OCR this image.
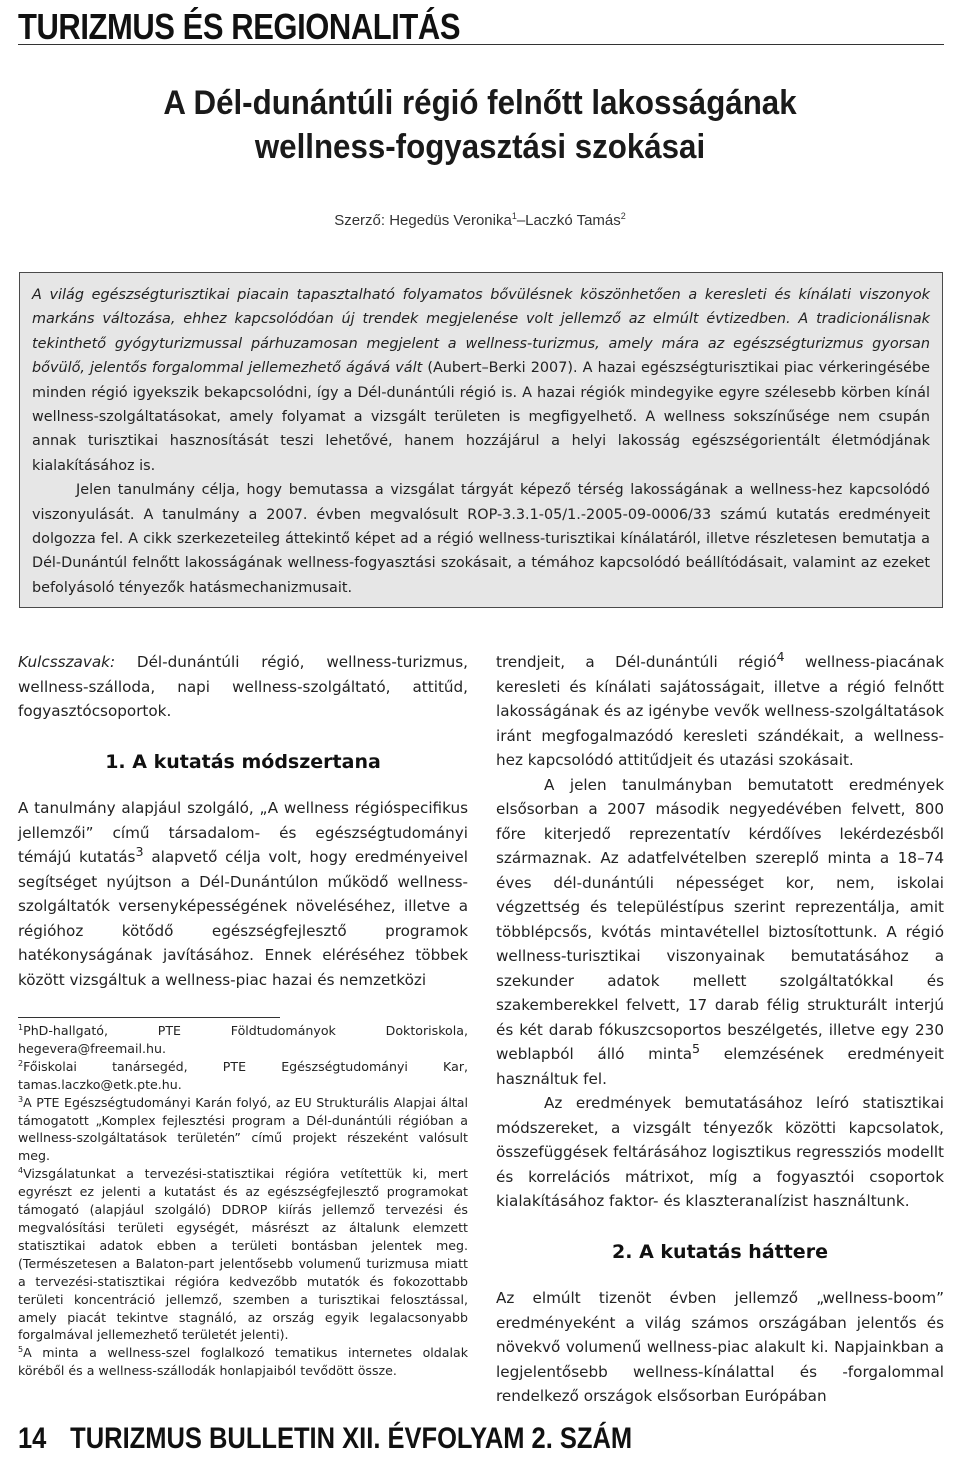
TURIZMUS ÉS REGIONALITÁS
A Dél-dunántúli régió felnőtt lakosságának
wellness-fogyasztási szokásai
Szerző: Hegedüs Veronika$^1$–Laczkó Tamás$^2$

A világ egészségturisztikai piacain tapasztalható folyamatos bővülésnek köszönhetően a keresleti és kínálati viszonyok markáns változása, ehhez kapcsolódóan új trendek megjelenése volt jellemző az elmúlt évtizedben. A tradicionálisnak tekinthető gyógyturizmussal párhuzamosan megjelent a wellness-turizmus, amely mára az egészségturizmus gyorsan bővülő, jelentős forgalommal jellemezhető ágává vált (Aubert–Berki 2007). A hazai egészségturisztikai piac vérkeringésébe minden régió igyekszik bekapcsolódni, így a Dél-dunántúli régió is. A hazai régiók mindegyike egyre szélesebb körben kínál wellness-szolgáltatásokat, amely folyamat a vizsgált területen is megfigyelhető. A wellness sokszínűsége nem csupán annak turisztikai hasznosítását teszi lehetővé, hanem hozzájárul a helyi lakosság egészségorientált életmódjának kialakításához is.

Jelen tanulmány célja, hogy bemutassa a vizsgálat tárgyát képező térség lakosságának a wellness-hez kapcsolódó viszonyulását. A tanulmány a 2007. évben megvalósult ROP-3.3.1-05/1.-2005-09-0006/33 számú kutatás eredményeit dolgozza fel. A cikk szerkezeteileg áttekintő képet ad a régió wellness-turisztikai kínálatáról, illetve részletesen bemutatja a Dél-Dunántúl felnőtt lakosságának wellness-fogyasztási szokásait, a témához kapcsolódó beállítódásait, valamint az ezeket befolyásoló tényezők hatásmechanizmusait.

Kulcsszavak: Dél-dunántúli régió, wellness-turizmus, wellness-szálloda, napi wellness-szolgáltató, attitűd, fogyasztócsoportok.

1. A kutatás módszertana

A tanulmány alapjául szolgáló, „A wellness régióspecifikus jellemzői” című társadalom- és egészségtudományi témájú kutatás$^3$ alapvető célja volt, hogy eredményeivel segítséget nyújtson a Dél-Dunántúlon működő wellness-szolgáltatók versenyképességének növeléséhez, illetve a régióhoz kötődő egészségfejlesztő programok hatékonyságának javításához. Ennek eléréséhez többek között vizsgáltuk a wellness-piac hazai és nemzetközi

$^1$PhD-hallgató, PTE Földtudományok Doktoriskola, hegevera@freemail.hu.

$^2$Főiskolai tanársegéd, PTE Egészségtudományi Kar, tamas.laczko@etk.pte.hu.

$^3$A PTE Egészségtudományi Karán folyó, az EU Strukturális Alapjai által támogatott „Komplex fejlesztési program a Dél-dunántúli régióban a wellness-szolgáltatások területén” című projekt részeként valósult meg.

$^4$Vizsgálatunkat a tervezési-statisztikai régióra vetítettük ki, mert egyrészt ez jelenti a kutatást és az egészségfejlesztő programokat támogató (alapjául szolgáló) DDROP kiírás jellemző tervezési és megvalósítási területi egységét, másrészt az általunk elemzett statisztikai adatok ebben a területi bontásban jelentek meg. (Természetesen a Balaton-part jelentősebb volumenű turizmusa miatt a tervezési-statisztikai régióra kedvezőbb mutatók és fokozottabb területi koncentráció jellemző, szemben a turisztikai felosztással, amely piacát tekintve stagnáló, az ország egyik legalacsonyabb forgalmával jellemezhető területét jelenti).

$^5$A minta a wellness-szel foglalkozó tematikus internetes oldalak köréből és a wellness-szállodák honlapjaiból tevődött össze.

trendjeit, a Dél-dunántúli régió$^4$ wellness-piacának keresleti és kínálati sajátosságait, illetve a régió felnőtt lakosságának és az igénybe vevők wellness-szolgáltatások iránt megfogalmazódó keresleti szándékait, a wellness-hez kapcsolódó attitűdjeit és utazási szokásait.

A jelen tanulmányban bemutatott eredmények elsősorban a 2007 második negyedévében felvett, 800 főre kiterjedő reprezentatív kérdőíves lekérdezésből származnak. Az adatfelvételben szereplő minta a 18–74 éves dél-dunántúli népességet kor, nem, iskolai végzettség és településtípus szerint reprezentálja, amit többlépcsős, kvótás mintavétellel biztosítottunk. A régió wellness-turisztikai viszonyainak bemutatásához a szekunder adatok mellett szolgáltatókkal és szakemberekkel felvett, 17 darab félig strukturált interjú és két darab fókuszcsoportos beszélgetés, illetve egy 230 weblapból álló minta$^5$ elemzésének eredményeit használtuk fel.

Az eredmények bemutatásához leíró statisztikai módszereket, a vizsgált tényezők közötti kapcsolatok, összefüggések feltárásához logisztikus regressziós modellt és korrelációs mátrixot, míg a fogyasztói csoportok kialakításához faktor- és klaszteranalízist használtunk.

2. A kutatás háttere

Az elmúlt tizenöt évben jellemző „wellness-boom” eredményeként a világ számos országában jelentős és növekvő volumenű wellness-piac alakult ki. Napjainkban a legjelentősebb wellness-kínálattal és -forgalommal rendelkező országok elsősorban Európában

14 TURIZMUS BULLETIN XII. ÉVFOLYAM 2. SZÁM
